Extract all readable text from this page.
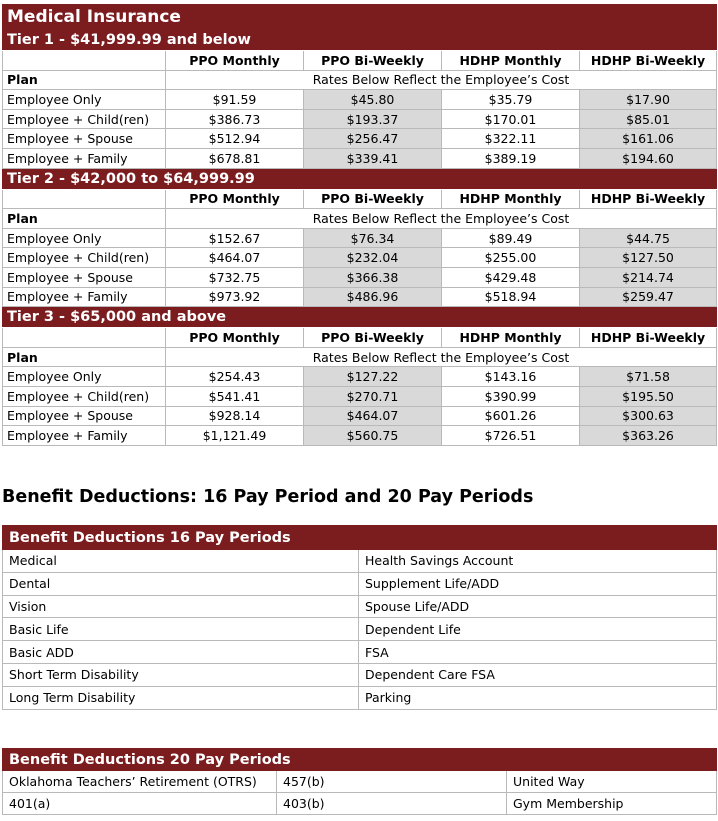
Medical Insurance				
Tier 1 - $41,999.99 and below				
	PPO Monthly	PPO Bi-Weekly	HDHP Monthly	HDHP Bi-Weekly
Plan	Rates Below Reflect the Employee’s Cost			
Employee Only	$91.59	$45.80	$35.79	$17.90
Employee + Child(ren)	$386.73	$193.37	$170.01	$85.01
Employee + Spouse	$512.94	$256.47	$322.11	$161.06
Employee + Family	$678.81	$339.41	$389.19	$194.60
Tier 2 - $42,000 to $64,999.99				
	PPO Monthly	PPO Bi-Weekly	HDHP Monthly	HDHP Bi-Weekly
Plan	Rates Below Reflect the Employee’s Cost			
Employee Only	$152.67	$76.34	$89.49	$44.75
Employee + Child(ren)	$464.07	$232.04	$255.00	$127.50
Employee + Spouse	$732.75	$366.38	$429.48	$214.74
Employee + Family	$973.92	$486.96	$518.94	$259.47
Tier 3 - $65,000 and above				
	PPO Monthly	PPO Bi-Weekly	HDHP Monthly	HDHP Bi-Weekly
Plan	Rates Below Reflect the Employee’s Cost			
Employee Only	$254.43	$127.22	$143.16	$71.58
Employee + Child(ren)	$541.41	$270.71	$390.99	$195.50
Employee + Spouse	$928.14	$464.07	$601.26	$300.63
Employee + Family	$1,121.49	$560.75	$726.51	$363.26
Benefit Deductions: 16 Pay Period and 20 Pay Periods
Benefit Deductions 16 Pay Periods	
Medical	Health Savings Account
Dental	Supplement Life/ADD
Vision	Spouse Life/ADD
Basic Life	Dependent Life
Basic ADD	FSA
Short Term Disability	Dependent Care FSA
Long Term Disability	Parking
Benefit Deductions 20 Pay Periods		
Oklahoma Teachers’ Retirement (OTRS)	457(b)	United Way
401(a)	403(b)	Gym Membership
